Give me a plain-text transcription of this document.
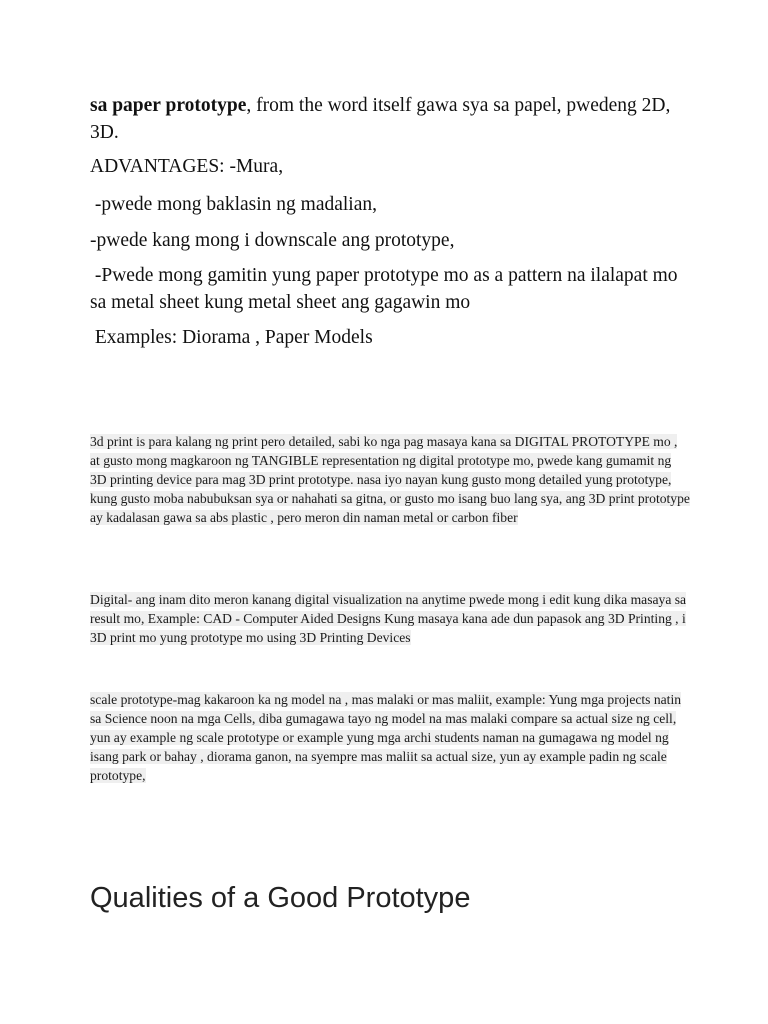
sa paper prototype, from the word itself gawa sya sa papel, pwedeng 2D, 3D.

ADVANTAGES: -Mura,

-pwede mong baklasin ng madalian,

-pwede kang mong i downscale ang prototype,

-Pwede mong gamitin yung paper prototype mo as a pattern na ilalapat mo sa metal sheet kung metal sheet ang gagawin mo

Examples: Diorama , Paper Models

3d print is para kalang ng print pero detailed, sabi ko nga pag masaya kana sa DIGITAL PROTOTYPE mo , at gusto mong magkaroon ng TANGIBLE representation ng digital prototype mo, pwede kang gumamit ng 3D printing device para mag 3D print prototype. nasa iyo nayan kung gusto mong detailed yung prototype, kung gusto moba nabubuksan sya or nahahati sa gitna, or gusto mo isang buo lang sya, ang 3D print prototype ay kadalasan gawa sa abs plastic , pero meron din naman metal or carbon fiber

Digital- ang inam dito meron kanang digital visualization na anytime pwede mong i edit kung dika masaya sa result mo, Example: CAD - Computer Aided Designs Kung masaya kana ade dun papasok ang 3D Printing , i 3D print mo yung prototype mo using 3D Printing Devices

scale prototype-mag kakaroon ka ng model na , mas malaki or mas maliit, example: Yung mga projects natin sa Science noon na mga Cells, diba gumagawa tayo ng model na mas malaki compare sa actual size ng cell, yun ay example ng scale prototype or example yung mga archi students naman na gumagawa ng model ng isang park or bahay , diorama ganon, na syempre mas maliit sa actual size, yun ay example padin ng scale prototype,

Qualities of a Good Prototype
